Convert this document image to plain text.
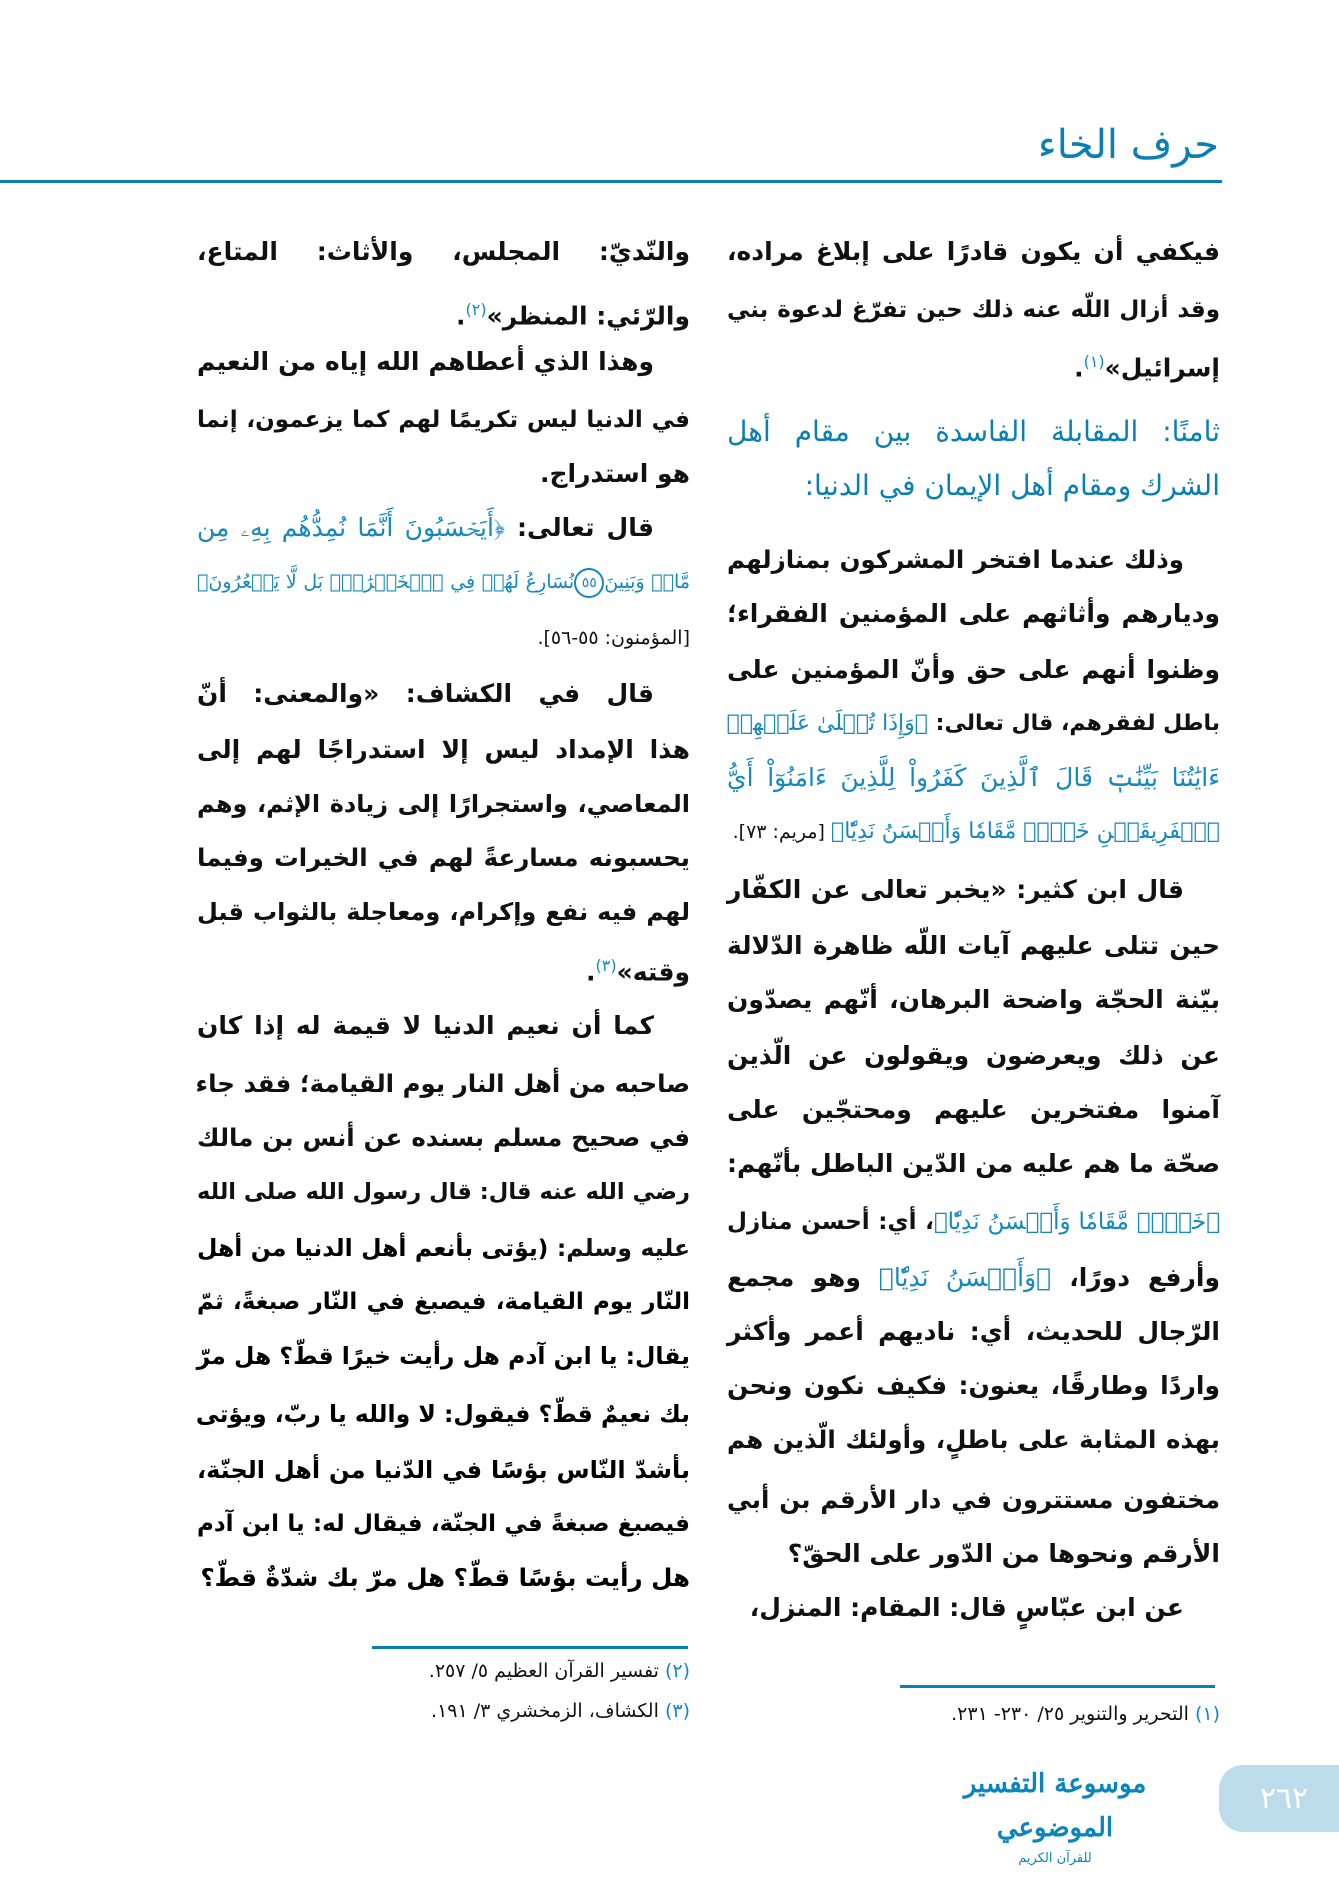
حرف الخاء
فيكفي أن يكون قادرًا على إبلاغ مراده،
وقد أزال اللّه عنه ذلك حين تفرّغ لدعوة بني
إسرائيل»$^{(١)}$.
ثامنًا: المقابلة الفاسدة بين مقام أهل
الشرك ومقام أهل الإيمان في الدنيا:
وذلك عندما افتخر المشركون بمنازلهم
وديارهم وأثاثهم على المؤمنين الفقراء؛
وظنوا أنهم على حق وأنّ المؤمنين على
باطل لفقرهم، قال تعالى: ﴿وَإِذَا تُتۡلَىٰ عَلَيۡهِمۡ
ءَايَٰتُنَا بَيِّنَٰتٖ قَالَ ٱلَّذِينَ كَفَرُواْ لِلَّذِينَ ءَامَنُوٓاْ أَيُّ
ٱلۡفَرِيقَيۡنِ خَيۡرٞ مَّقَامٗا وَأَحۡسَنُ نَدِيّٗا﴾ [مريم: ٧٣].
قال ابن كثير: «يخبر تعالى عن الكفّار
حين تتلى عليهم آيات اللّه ظاهرة الدّلالة
بيّنة الحجّة واضحة البرهان، أنّهم يصدّون
عن ذلك ويعرضون ويقولون عن الّذين
آمنوا مفتخرين عليهم ومحتجّين على
صحّة ما هم عليه من الدّين الباطل بأنّهم:
﴿خَيۡرٞ مَّقَامٗا وَأَحۡسَنُ نَدِيّٗا﴾، أي: أحسن منازل
وأرفع دورًا، ﴿وَأَحۡسَنُ نَدِيّٗا﴾ وهو مجمع
الرّجال للحديث، أي: ناديهم أعمر وأكثر
واردًا وطارقًا، يعنون: فكيف نكون ونحن
بهذه المثابة على باطلٍ، وأولئك الّذين هم
مختفون مستترون في دار الأرقم بن أبي
الأرقم ونحوها من الدّور على الحقّ؟
عن ابن عبّاسٍ قال: المقام: المنزل،
والنّديّ: المجلس، والأثاث: المتاع،
والرّئي: المنظر»$^{(٢)}$.
وهذا الذي أعطاهم الله إياه من النعيم
في الدنيا ليس تكريمًا لهم كما يزعمون، إنما
هو استدراج.
قال تعالى: ﴿أَيَحۡسَبُونَ أَنَّمَا نُمِدُّهُم بِهِۦ مِن
مَّالٖ وَبَنِينَ٥٥نُسَارِعُ لَهُمۡ فِي ٱلۡخَيۡرَٰتِۚ بَل لَّا يَشۡعُرُونَ﴾
[المؤمنون: ٥٥-٥٦].
قال في الكشاف: «والمعنى: أنّ
هذا الإمداد ليس إلا استدراجًا لهم إلى
المعاصي، واستجرارًا إلى زيادة الإثم، وهم
يحسبونه مسارعةً لهم في الخيرات وفيما
لهم فيه نفع وإكرام، ومعاجلة بالثواب قبل
وقته»$^{(٣)}$.
كما أن نعيم الدنيا لا قيمة له إذا كان
صاحبه من أهل النار يوم القيامة؛ فقد جاء
في صحيح مسلم بسنده عن أنس بن مالك
رضي الله عنه قال: قال رسول الله صلى الله
عليه وسلم: (يؤتى بأنعم أهل الدنيا من أهل
النّار يوم القيامة، فيصبغ في النّار صبغةً، ثمّ
يقال: يا ابن آدم هل رأيت خيرًا قطّ؟ هل مرّ
بك نعيمٌ قطّ؟ فيقول: لا والله يا ربّ، ويؤتى
بأشدّ النّاس بؤسًا في الدّنيا من أهل الجنّة،
فيصبغ صبغةً في الجنّة، فيقال له: يا ابن آدم
هل رأيت بؤسًا قطّ؟ هل مرّ بك شدّةٌ قطّ؟
(١) التحرير والتنوير ٢٥/ ٢٣٠- ٢٣١.
(٢) تفسير القرآن العظيم ٥/ ٢٥٧.
(٣) الكشاف، الزمخشري ٣/ ١٩١.
موسوعة التفسير الموضوعي
للقرآن الكريم
٢٦٢
